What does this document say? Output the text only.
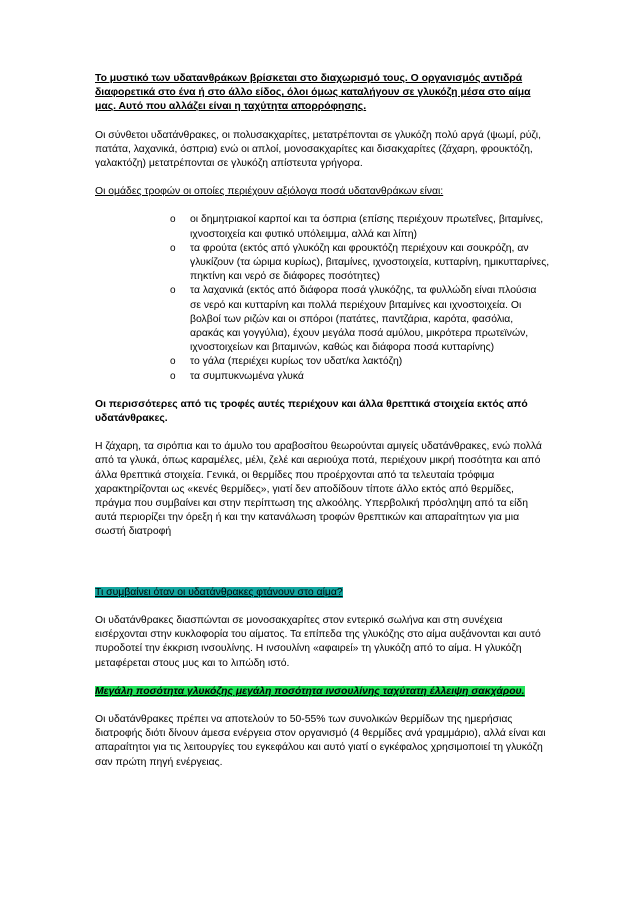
Το μυστικό των υδατανθράκων βρίσκεται στο διαχωρισμό τους. Ο οργανισμός αντιδρά διαφορετικά στο ένα ή στο άλλο είδος, όλοι όμως καταλήγουν σε γλυκόζη μέσα στο αίμα μας. Αυτό που αλλάζει είναι η ταχύτητα απορρόφησης.

Οι σύνθετοι υδατάνθρακες, οι πολυσακχαρίτες, μετατρέπονται σε γλυκόζη πολύ αργά (ψωμί, ρύζι, πατάτα, λαχανικά, όσπρια) ενώ οι απλοί, μονοσακχαρίτες και δισακχαρίτες (ζάχαρη, φρουκτόζη, γαλακτόζη) μετατρέπονται σε γλυκόζη απίστευτα γρήγορα.

Οι ομάδες τροφών οι οποίες περιέχουν αξιόλογα ποσά υδατανθράκων είναι:

o οι δημητριακοί καρποί και τα όσπρια (επίσης περιέχουν πρωτεΐνες, βιταμίνες, ιχνοστοιχεία και φυτικό υπόλειμμα, αλλά και λίπη)
o τα φρούτα (εκτός από γλυκόζη και φρουκτόζη περιέχουν και σουκρόζη, αν γλυκίζουν (τα ώριμα κυρίως), βιταμίνες, ιχνοστοιχεία, κυτταρίνη, ημικυτταρίνες, πηκτίνη και νερό σε διάφορες ποσότητες)
o τα λαχανικά (εκτός από διάφορα ποσά γλυκόζης, τα φυλλώδη είναι πλούσια σε νερό και κυτταρίνη και πολλά περιέχουν βιταμίνες και ιχνοστοιχεία. Οι βολβοί των ριζών και οι σπόροι (πατάτες, παντζάρια, καρότα, φασόλια, αρακάς και γογγύλια), έχουν μεγάλα ποσά αμύλου, μικρότερα πρωτεϊνών, ιχνοστοιχείων και βιταμινών, καθώς και διάφορα ποσά κυτταρίνης)
o το γάλα (περιέχει κυρίως τον υδατ/κα λακτόζη)
o τα συμπυκνωμένα γλυκά

Οι περισσότερες από τις τροφές αυτές περιέχουν και άλλα θρεπτικά στοιχεία εκτός από υδατάνθρακες.

Η ζάχαρη, τα σιρόπια και το άμυλο του αραβοσίτου θεωρούνται αμιγείς υδατάνθρακες, ενώ πολλά από τα γλυκά, όπως καραμέλες, μέλι, ζελέ και αεριούχα ποτά, περιέχουν μικρή ποσότητα και από άλλα θρεπτικά στοιχεία. Γενικά, οι θερμίδες που προέρχονται από τα τελευταία τρόφιμα χαρακτηρίζονται ως «κενές θερμίδες», γιατί δεν αποδίδουν τίποτε άλλο εκτός από θερμίδες, πράγμα που συμβαίνει και στην περίπτωση της αλκοόλης. Υπερβολική πρόσληψη από τα είδη αυτά περιορίζει την όρεξη ή και την κατανάλωση τροφών θρεπτικών και απαραίτητων για μια σωστή διατροφή

Τι συμβαίνει όταν οι υδατάνθρακες φτάνουν στο αίμα?

Οι υδατάνθρακες διασπώνται σε μονοσακχαρίτες στον εντερικό σωλήνα και στη συνέχεια εισέρχονται στην κυκλοφορία του αίματος. Τα επίπεδα της γλυκόζης στο αίμα αυξάνονται και αυτό πυροδοτεί την έκκριση ινσουλίνης. Η ινσουλίνη «αφαιρεί» τη γλυκόζη από το αίμα. Η γλυκόζη μεταφέρεται στους μυς και το λιπώδη ιστό.

Μεγάλη ποσότητα γλυκόζης μεγάλη ποσότητα ινσουλίνης ταχύτατη έλλειψη σακχάρου.

Οι υδατάνθρακες πρέπει να αποτελούν το 50-55% των συνολικών θερμίδων της ημερήσιας διατροφής διότι δίνουν άμεσα ενέργεια στον οργανισμό (4 θερμίδες ανά γραμμάριο), αλλά είναι και απαραίτητοι για τις λειτουργίες του εγκεφάλου και αυτό γιατί ο εγκέφαλος χρησιμοποιεί τη γλυκόζη σαν πρώτη πηγή ενέργειας.
